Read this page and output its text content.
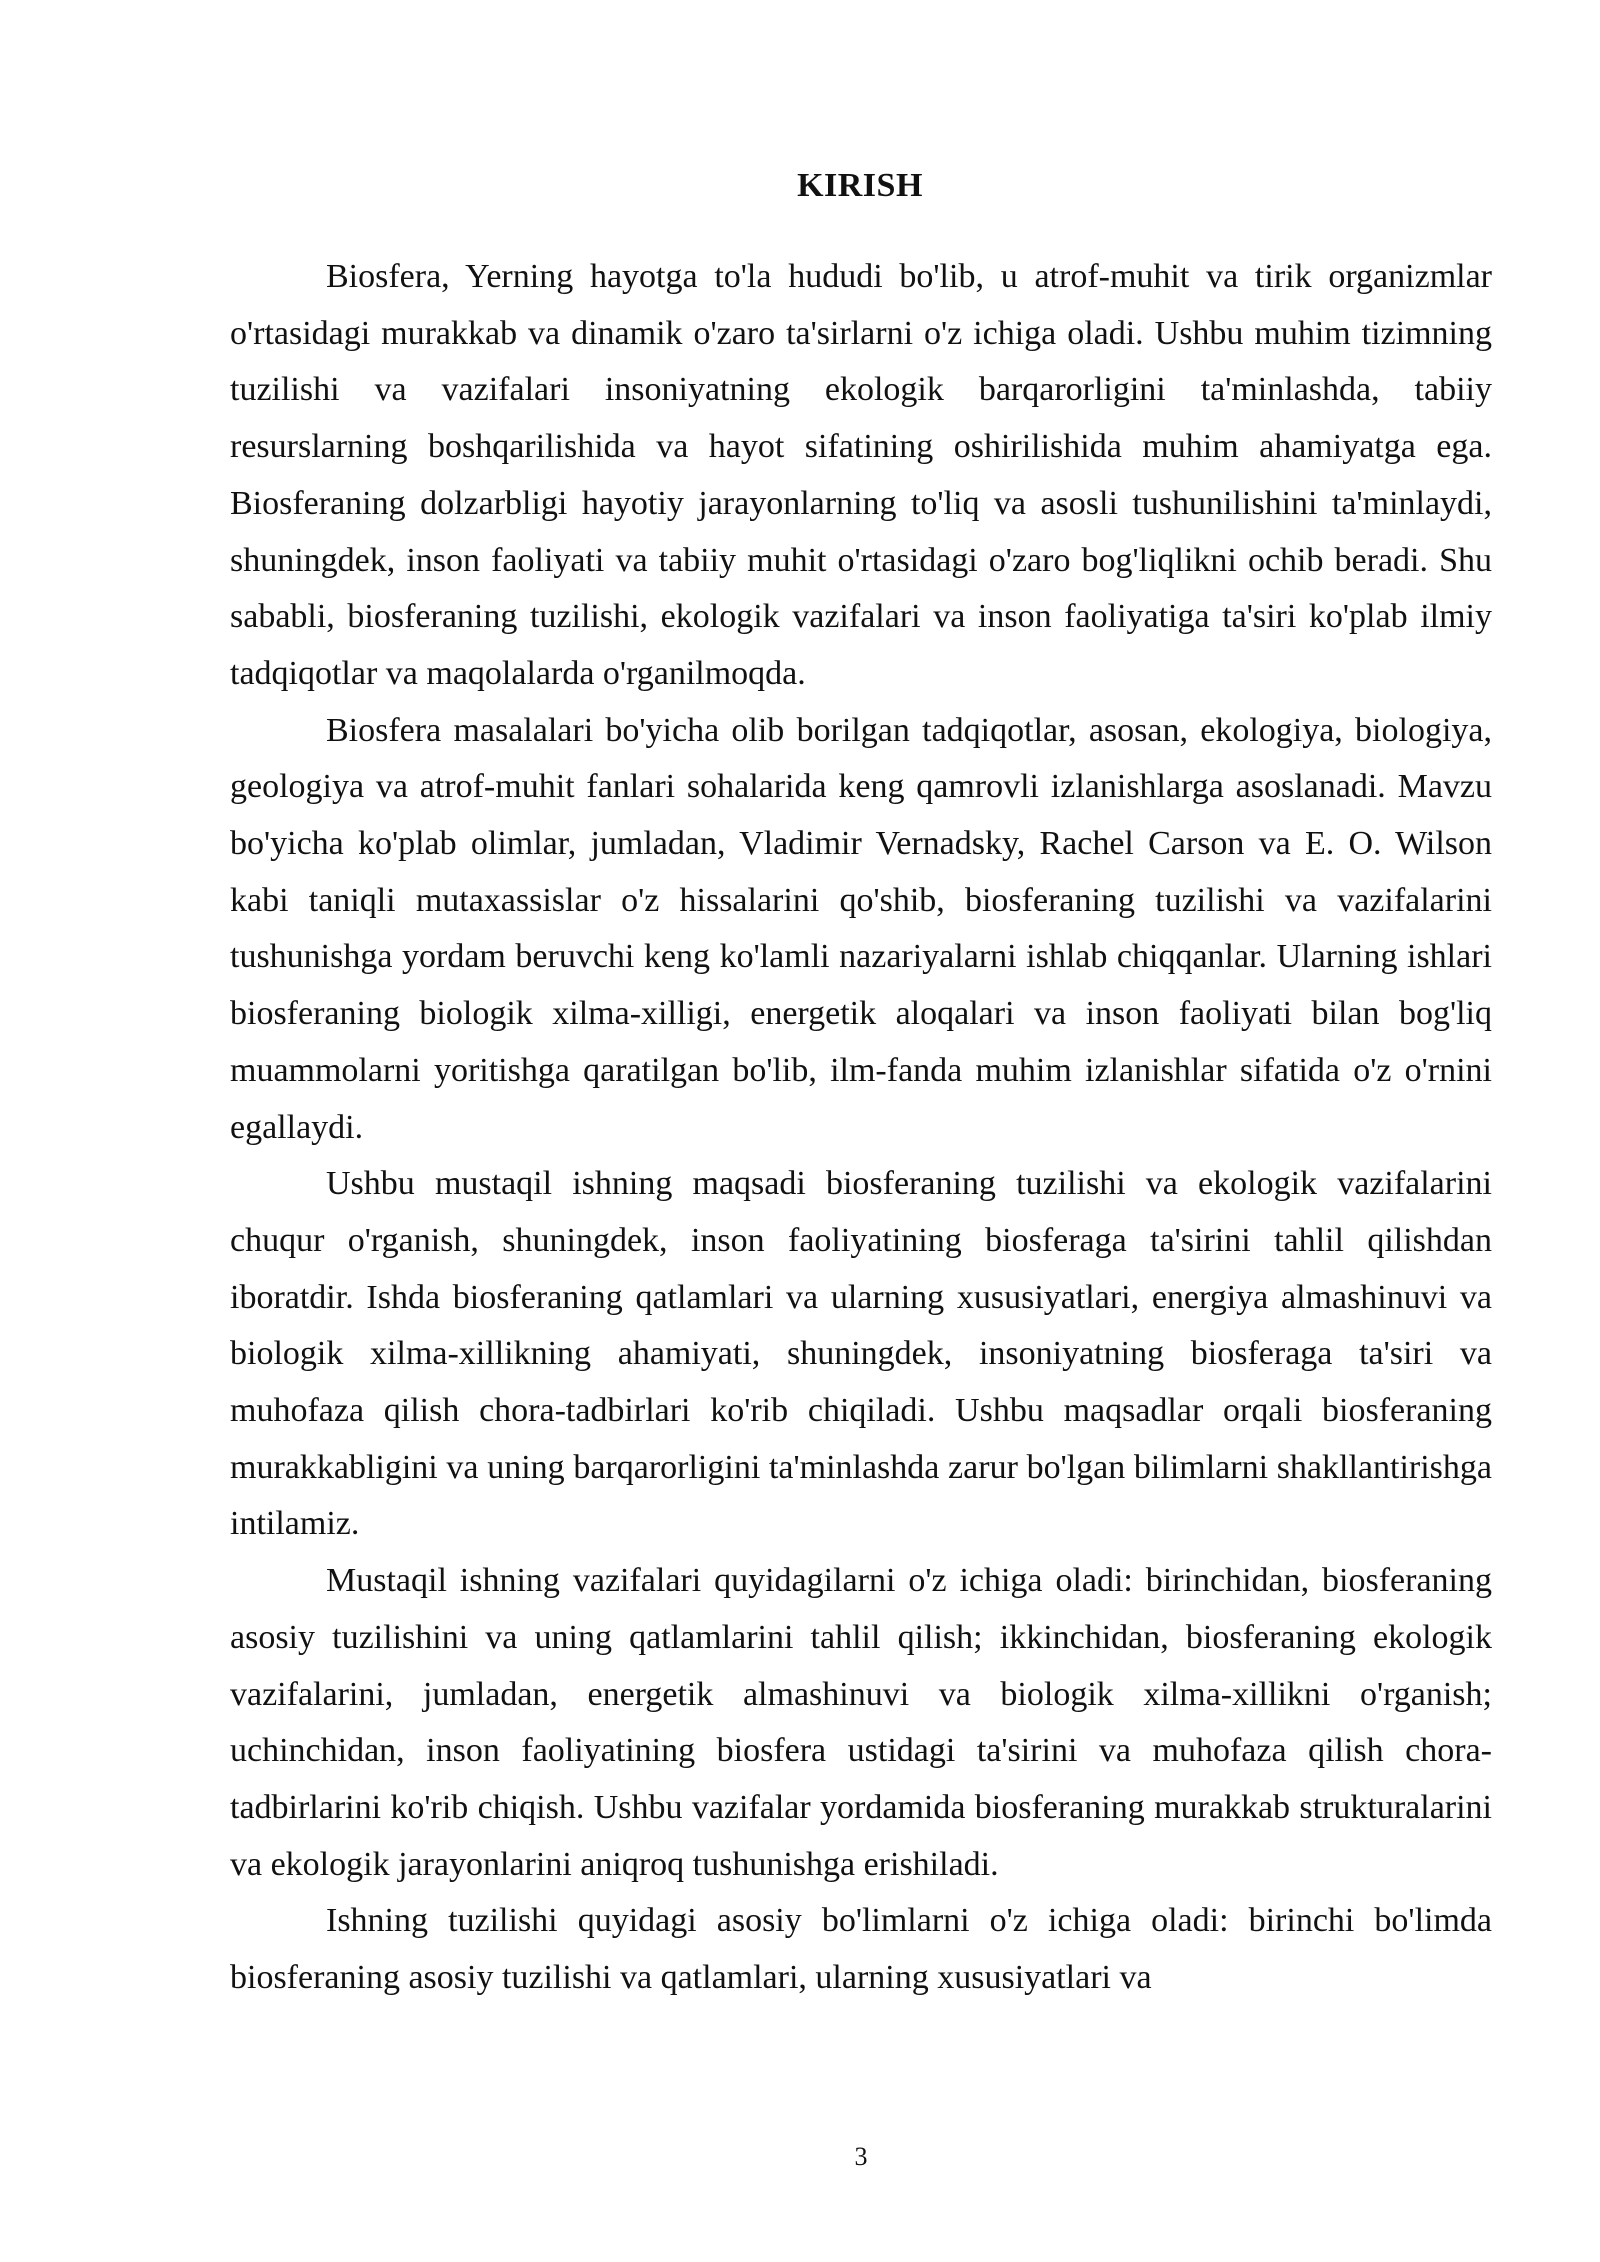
KIRISH

Biosfera, Yerning hayotga to'la hududi bo'lib, u atrof-muhit va tirik organizmlar o'rtasidagi murakkab va dinamik o'zaro ta'sirlarni o'z ichiga oladi. Ushbu muhim tizimning tuzilishi va vazifalari insoniyatning ekologik barqarorligini ta'minlashda, tabiiy resurslarning boshqarilishida va hayot sifatining oshirilishida muhim ahamiyatga ega. Biosferaning dolzarbligi hayotiy jarayonlarning to'liq va asosli tushunilishini ta'minlaydi, shuningdek, inson faoliyati va tabiiy muhit o'rtasidagi o'zaro bog'liqlikni ochib beradi. Shu sababli, biosferaning tuzilishi, ekologik vazifalari va inson faoliyatiga ta'siri ko'plab ilmiy tadqiqotlar va maqolalarda o'rganilmoqda.

Biosfera masalalari bo'yicha olib borilgan tadqiqotlar, asosan, ekologiya, biologiya, geologiya va atrof-muhit fanlari sohalarida keng qamrovli izlanishlarga asoslanadi. Mavzu bo'yicha ko'plab olimlar, jumladan, Vladimir Vernadsky, Rachel Carson va E. O. Wilson kabi taniqli mutaxassislar o'z hissalarini qo'shib, biosferaning tuzilishi va vazifalarini tushunishga yordam beruvchi keng ko'lamli nazariyalarni ishlab chiqqanlar. Ularning ishlari biosferaning biologik xilma-xilligi, energetik aloqalari va inson faoliyati bilan bog'liq muammolarni yoritishga qaratilgan bo'lib, ilm-fanda muhim izlanishlar sifatida o'z o'rnini egallaydi.

Ushbu mustaqil ishning maqsadi biosferaning tuzilishi va ekologik vazifalarini chuqur o'rganish, shuningdek, inson faoliyatining biosferaga ta'sirini tahlil qilishdan iboratdir. Ishda biosferaning qatlamlari va ularning xususiyatlari, energiya almashinuvi va biologik xilma-xillikning ahamiyati, shuningdek, insoniyatning biosferaga ta'siri va muhofaza qilish chora-tadbirlari ko'rib chiqiladi. Ushbu maqsadlar orqali biosferaning murakkabligini va uning barqarorligini ta'minlashda zarur bo'lgan bilimlarni shakllantirishga intilamiz.

Mustaqil ishning vazifalari quyidagilarni o'z ichiga oladi: birinchidan, biosferaning asosiy tuzilishini va uning qatlamlarini tahlil qilish; ikkinchidan, biosferaning ekologik vazifalarini, jumladan, energetik almashinuvi va biologik xilma-xillikni o'rganish; uchinchidan, inson faoliyatining biosfera ustidagi ta'sirini va muhofaza qilish chora-tadbirlarini ko'rib chiqish. Ushbu vazifalar yordamida biosferaning murakkab strukturalarini va ekologik jarayonlarini aniqroq tushunishga erishiladi.

Ishning tuzilishi quyidagi asosiy bo'limlarni o'z ichiga oladi: birinchi bo'limda biosferaning asosiy tuzilishi va qatlamlari, ularning xususiyatlari va

3
